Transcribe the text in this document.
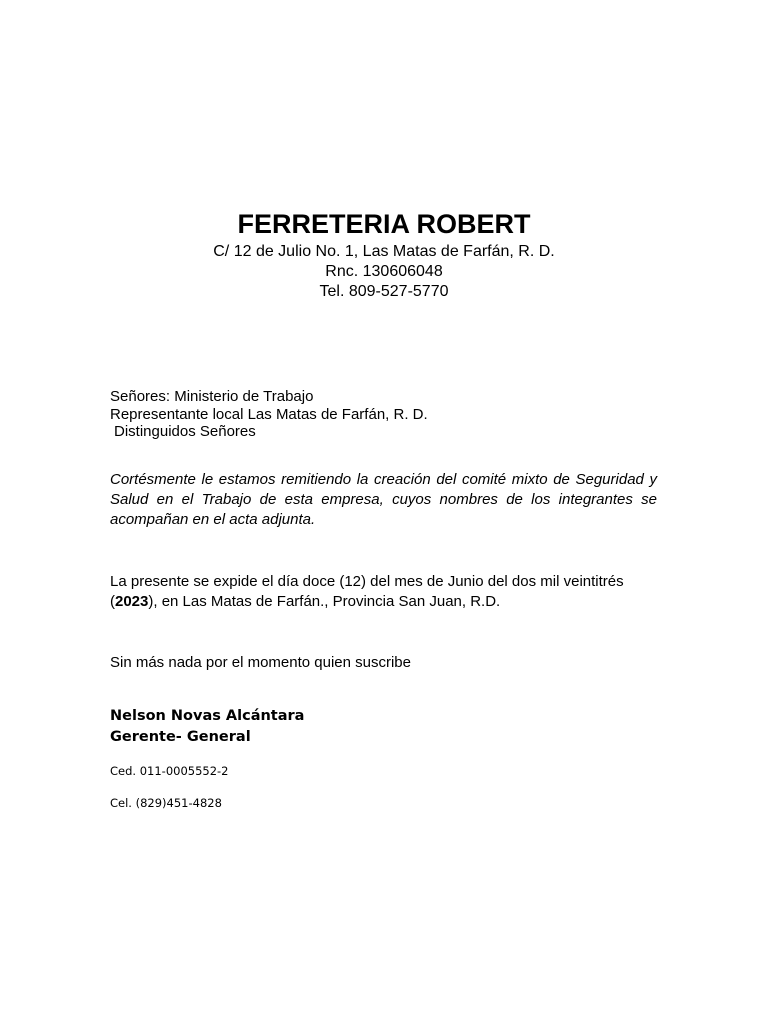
FERRETERIA ROBERT
C/ 12 de Julio No. 1, Las Matas de Farfán, R. D.
Rnc. 130606048
Tel. 809-527-5770
Señores: Ministerio de Trabajo
Representante local Las Matas de Farfán, R. D.
Distinguidos Señores
Cortésmente le estamos remitiendo la creación del comité mixto de Seguridad y Salud en el Trabajo de esta empresa, cuyos nombres de los integrantes se acompañan en el acta adjunta.
La presente se expide el día doce (12) del mes de Junio del dos mil veintitrés (2023), en Las Matas de Farfán., Provincia San Juan, R.D.
Sin más nada por el momento quien suscribe
Nelson Novas Alcántara
Gerente- General
Ced. 011-0005552-2
Cel. (829)451-4828
